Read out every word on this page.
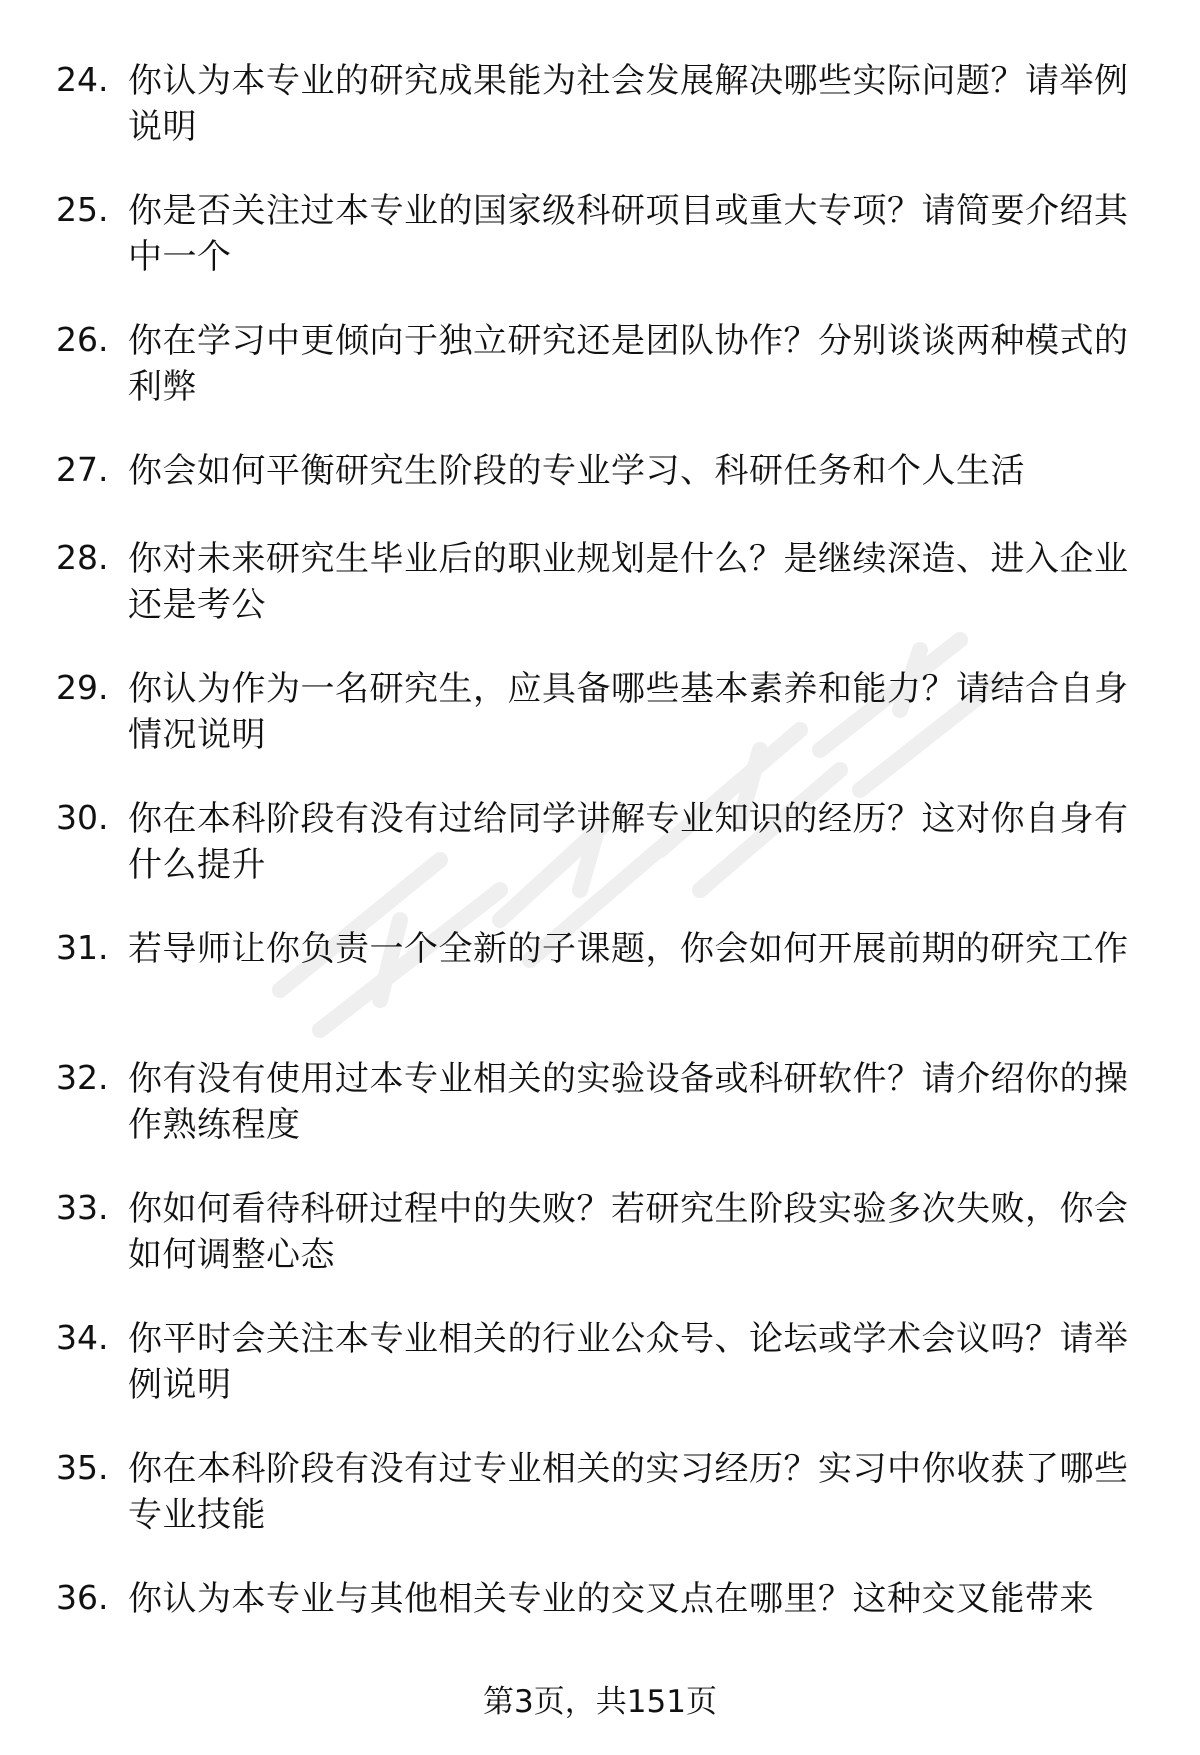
24. 你认为本专业的研究成果能为社会发展解决哪些实际问题？请举例说明
25. 你是否关注过本专业的国家级科研项目或重大专项？请简要介绍其中一个
26. 你在学习中更倾向于独立研究还是团队协作？分别谈谈两种模式的利弊
27. 你会如何平衡研究生阶段的专业学习、科研任务和个人生活
28. 你对未来研究生毕业后的职业规划是什么？是继续深造、进入企业还是考公
29. 你认为作为一名研究生，应具备哪些基本素养和能力？请结合自身情况说明
30. 你在本科阶段有没有过给同学讲解专业知识的经历？这对你自身有什么提升
31. 若导师让你负责一个全新的子课题，你会如何开展前期的研究工作
32. 你有没有使用过本专业相关的实验设备或科研软件？请介绍你的操作熟练程度
33. 你如何看待科研过程中的失败？若研究生阶段实验多次失败，你会如何调整心态
34. 你平时会关注本专业相关的行业公众号、论坛或学术会议吗？请举例说明
35. 你在本科阶段有没有过专业相关的实习经历？实习中你收获了哪些专业技能
36. 你认为本专业与其他相关专业的交叉点在哪里？这种交叉能带来
第3页，共151页
